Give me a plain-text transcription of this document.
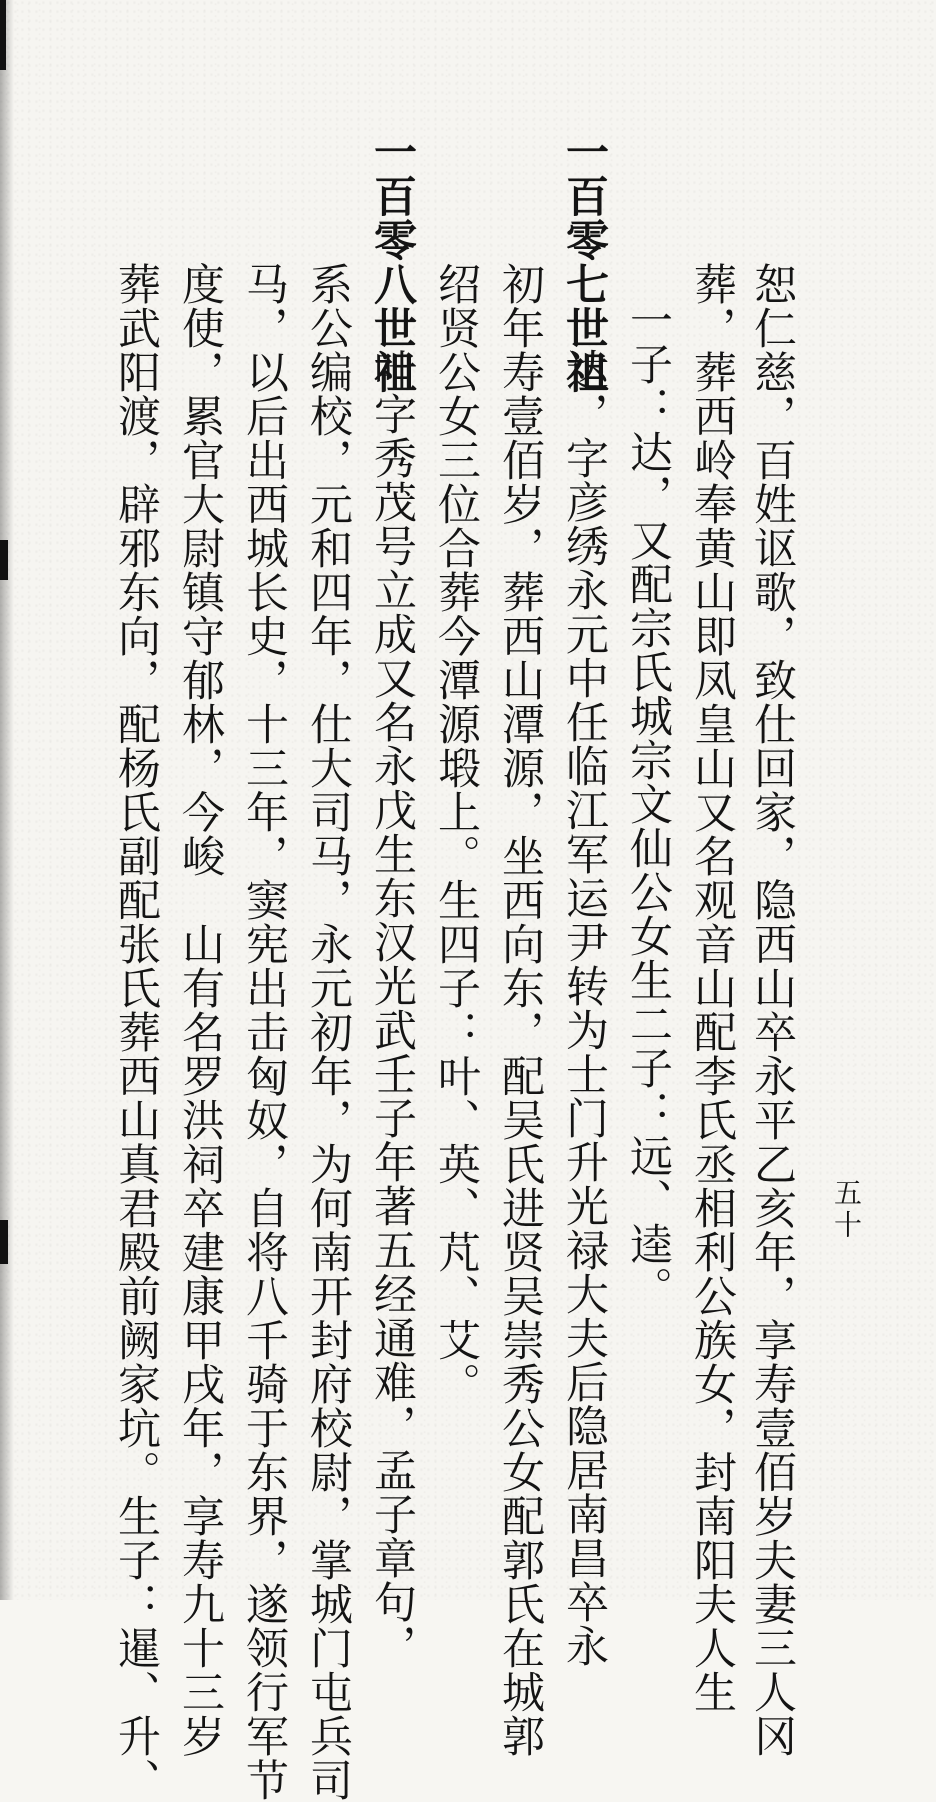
五十
恕仁慈，百姓讴歌，致仕回家，隐西山卒永平乙亥年，享寿壹佰岁夫妻三人冈
葬，葬西岭奉黄山即凤皇山又名观音山配李氏丞相利公族女，封南阳夫人生
一子：达，又配宗氏城宗文仙公女生二子：远、逵。
一百零七世祖
达，字彦绣永元中任临江军运尹转为士门升光禄大夫后隐居南昌卒永
初年寿壹佰岁，葬西山潭源，坐西向东，配吴氏进贤吴崇秀公女配郭氏在城郭
绍贤公女三位合葬今潭源塅上。生四子：叶、英、芃、艾。
一百零八世祖
叶字秀茂号立成又名永戊生东汉光武壬子年著五经通难，孟子章句，
系公编校，元和四年，仕大司马，永元初年，为何南开封府校尉，掌城门屯兵司
马，以后出西城长史，十三年，窦宪出击匈奴，自将八千骑于东界，遂领行军节
度使，累官大尉镇守郁林，今峻　山有名罗洪祠卒建康甲戌年，享寿九十三岁
葬武阳渡，辟邪东向，配杨氏副配张氏葬西山真君殿前阙家坑。生子：暹、升、
